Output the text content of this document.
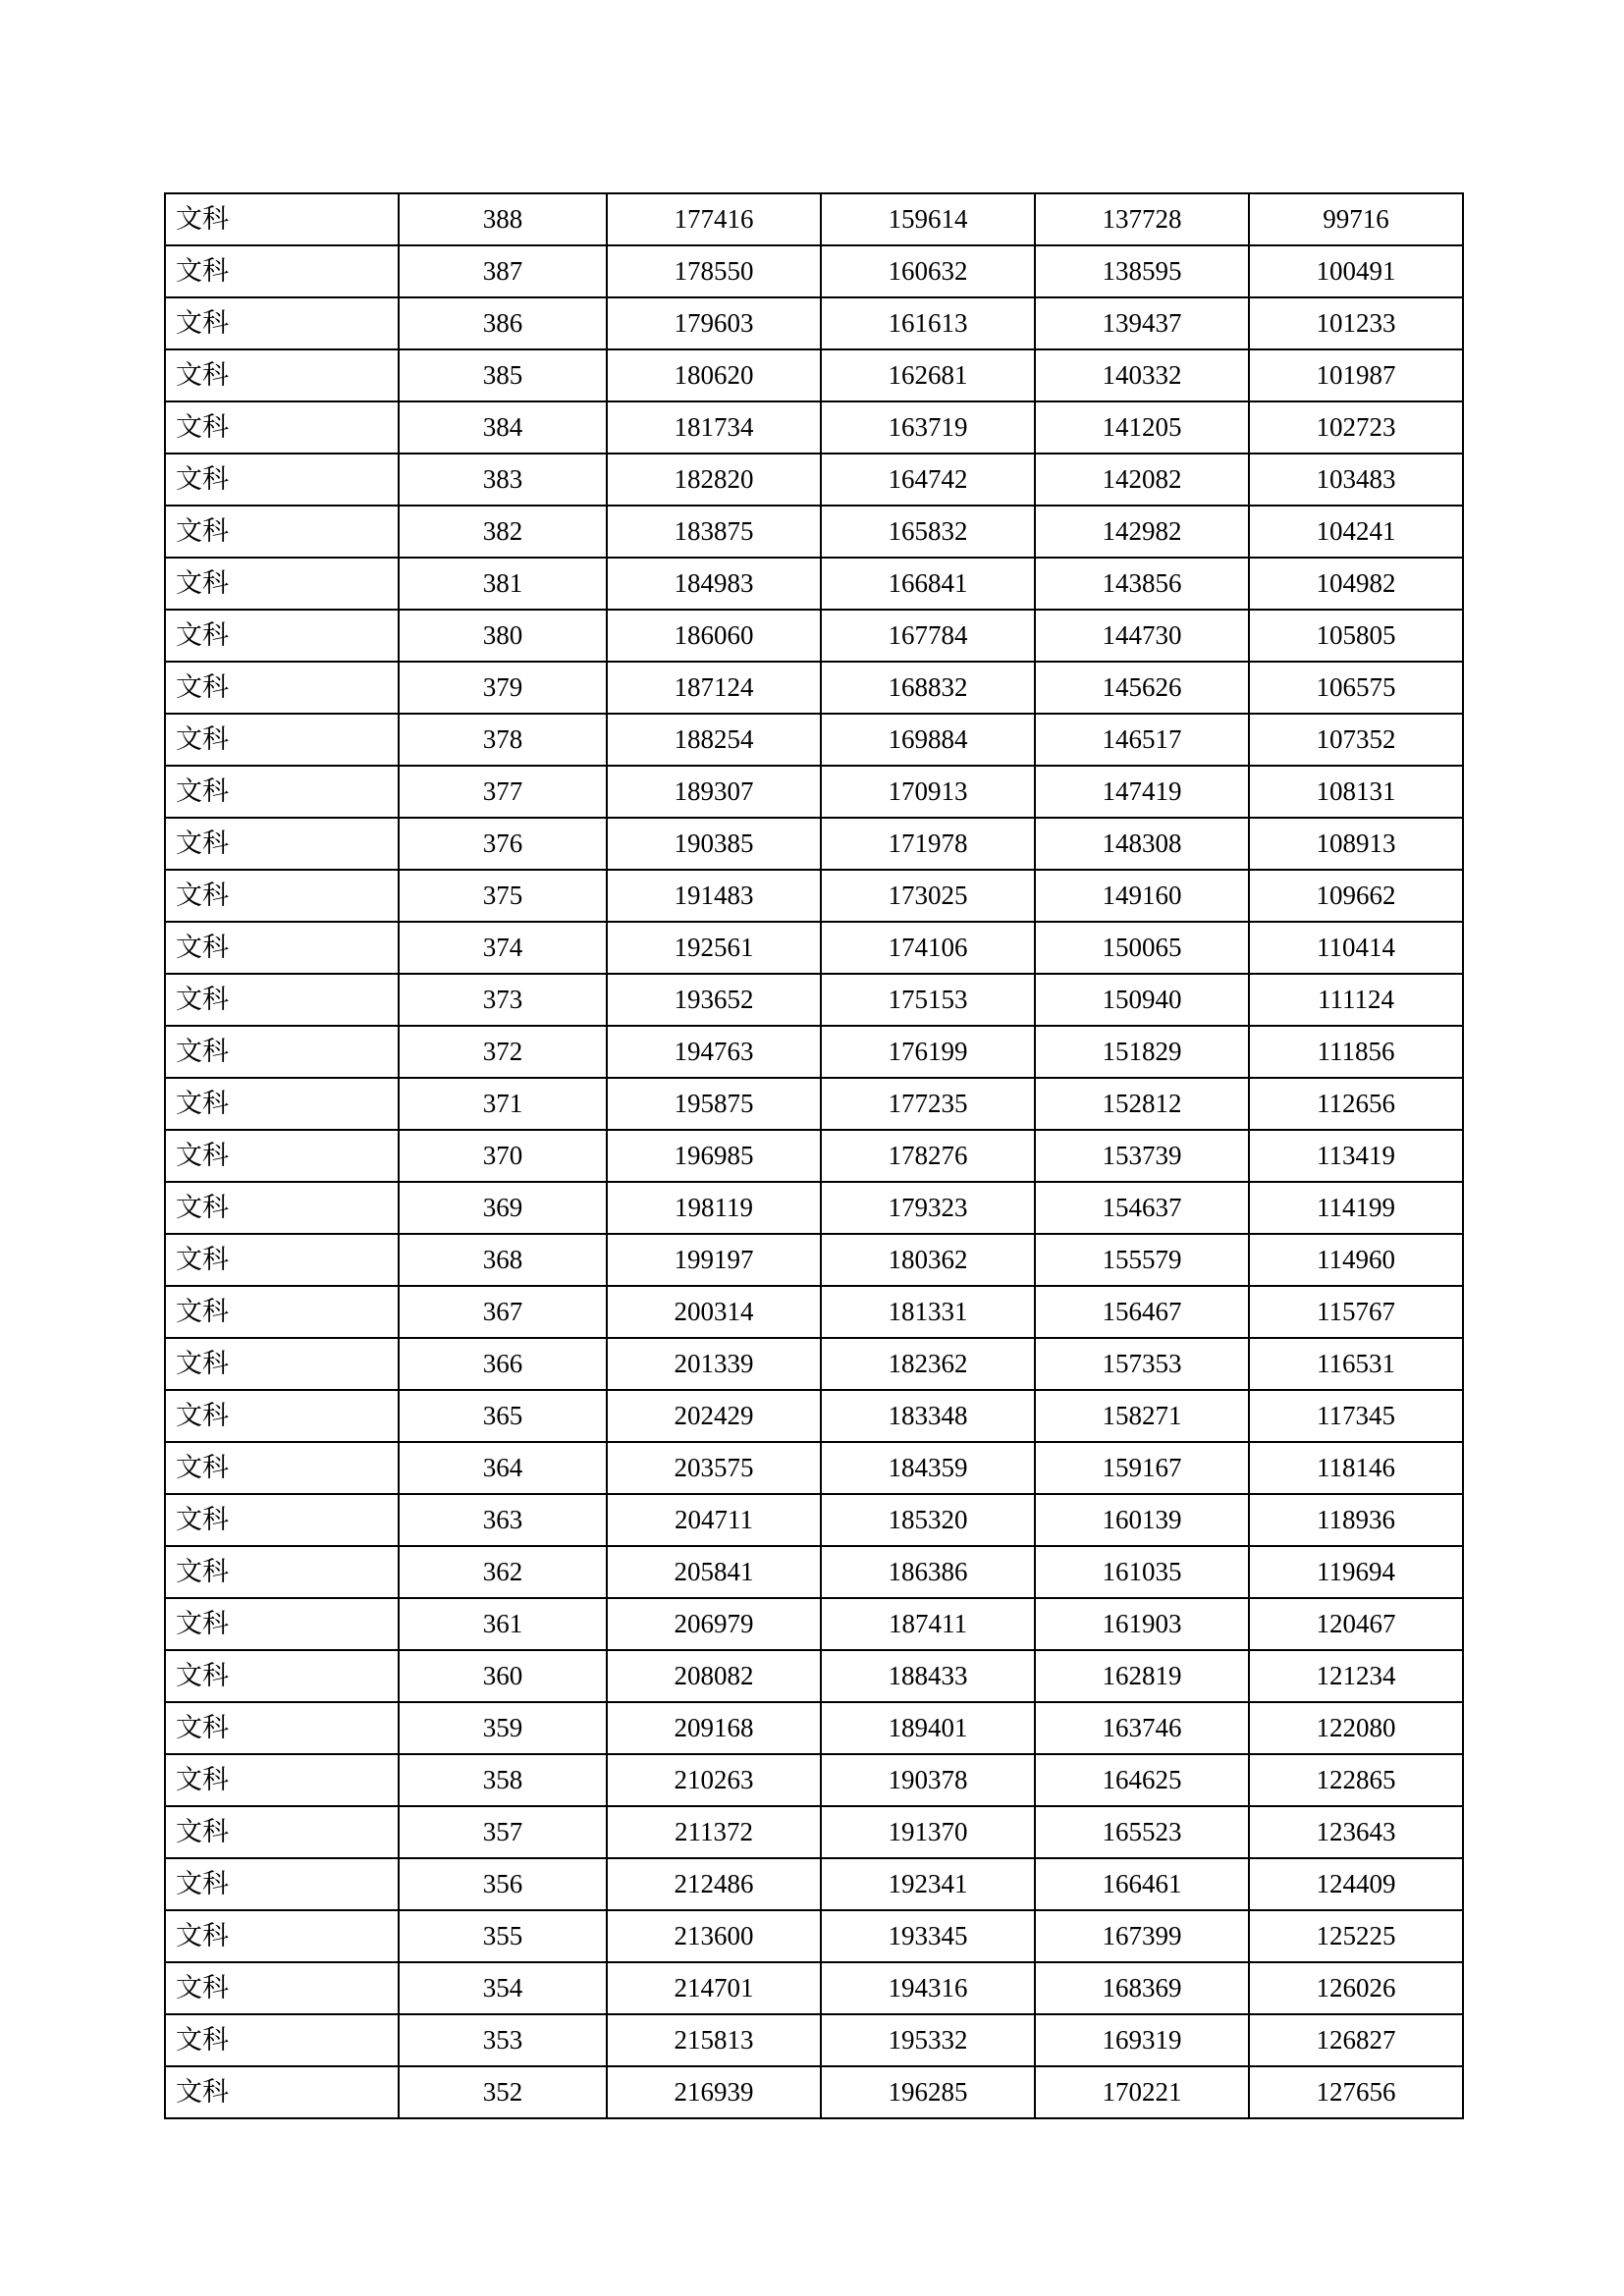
文科	388	177416	159614	137728	99716
文科	387	178550	160632	138595	100491
文科	386	179603	161613	139437	101233
文科	385	180620	162681	140332	101987
文科	384	181734	163719	141205	102723
文科	383	182820	164742	142082	103483
文科	382	183875	165832	142982	104241
文科	381	184983	166841	143856	104982
文科	380	186060	167784	144730	105805
文科	379	187124	168832	145626	106575
文科	378	188254	169884	146517	107352
文科	377	189307	170913	147419	108131
文科	376	190385	171978	148308	108913
文科	375	191483	173025	149160	109662
文科	374	192561	174106	150065	110414
文科	373	193652	175153	150940	111124
文科	372	194763	176199	151829	111856
文科	371	195875	177235	152812	112656
文科	370	196985	178276	153739	113419
文科	369	198119	179323	154637	114199
文科	368	199197	180362	155579	114960
文科	367	200314	181331	156467	115767
文科	366	201339	182362	157353	116531
文科	365	202429	183348	158271	117345
文科	364	203575	184359	159167	118146
文科	363	204711	185320	160139	118936
文科	362	205841	186386	161035	119694
文科	361	206979	187411	161903	120467
文科	360	208082	188433	162819	121234
文科	359	209168	189401	163746	122080
文科	358	210263	190378	164625	122865
文科	357	211372	191370	165523	123643
文科	356	212486	192341	166461	124409
文科	355	213600	193345	167399	125225
文科	354	214701	194316	168369	126026
文科	353	215813	195332	169319	126827
文科	352	216939	196285	170221	127656
